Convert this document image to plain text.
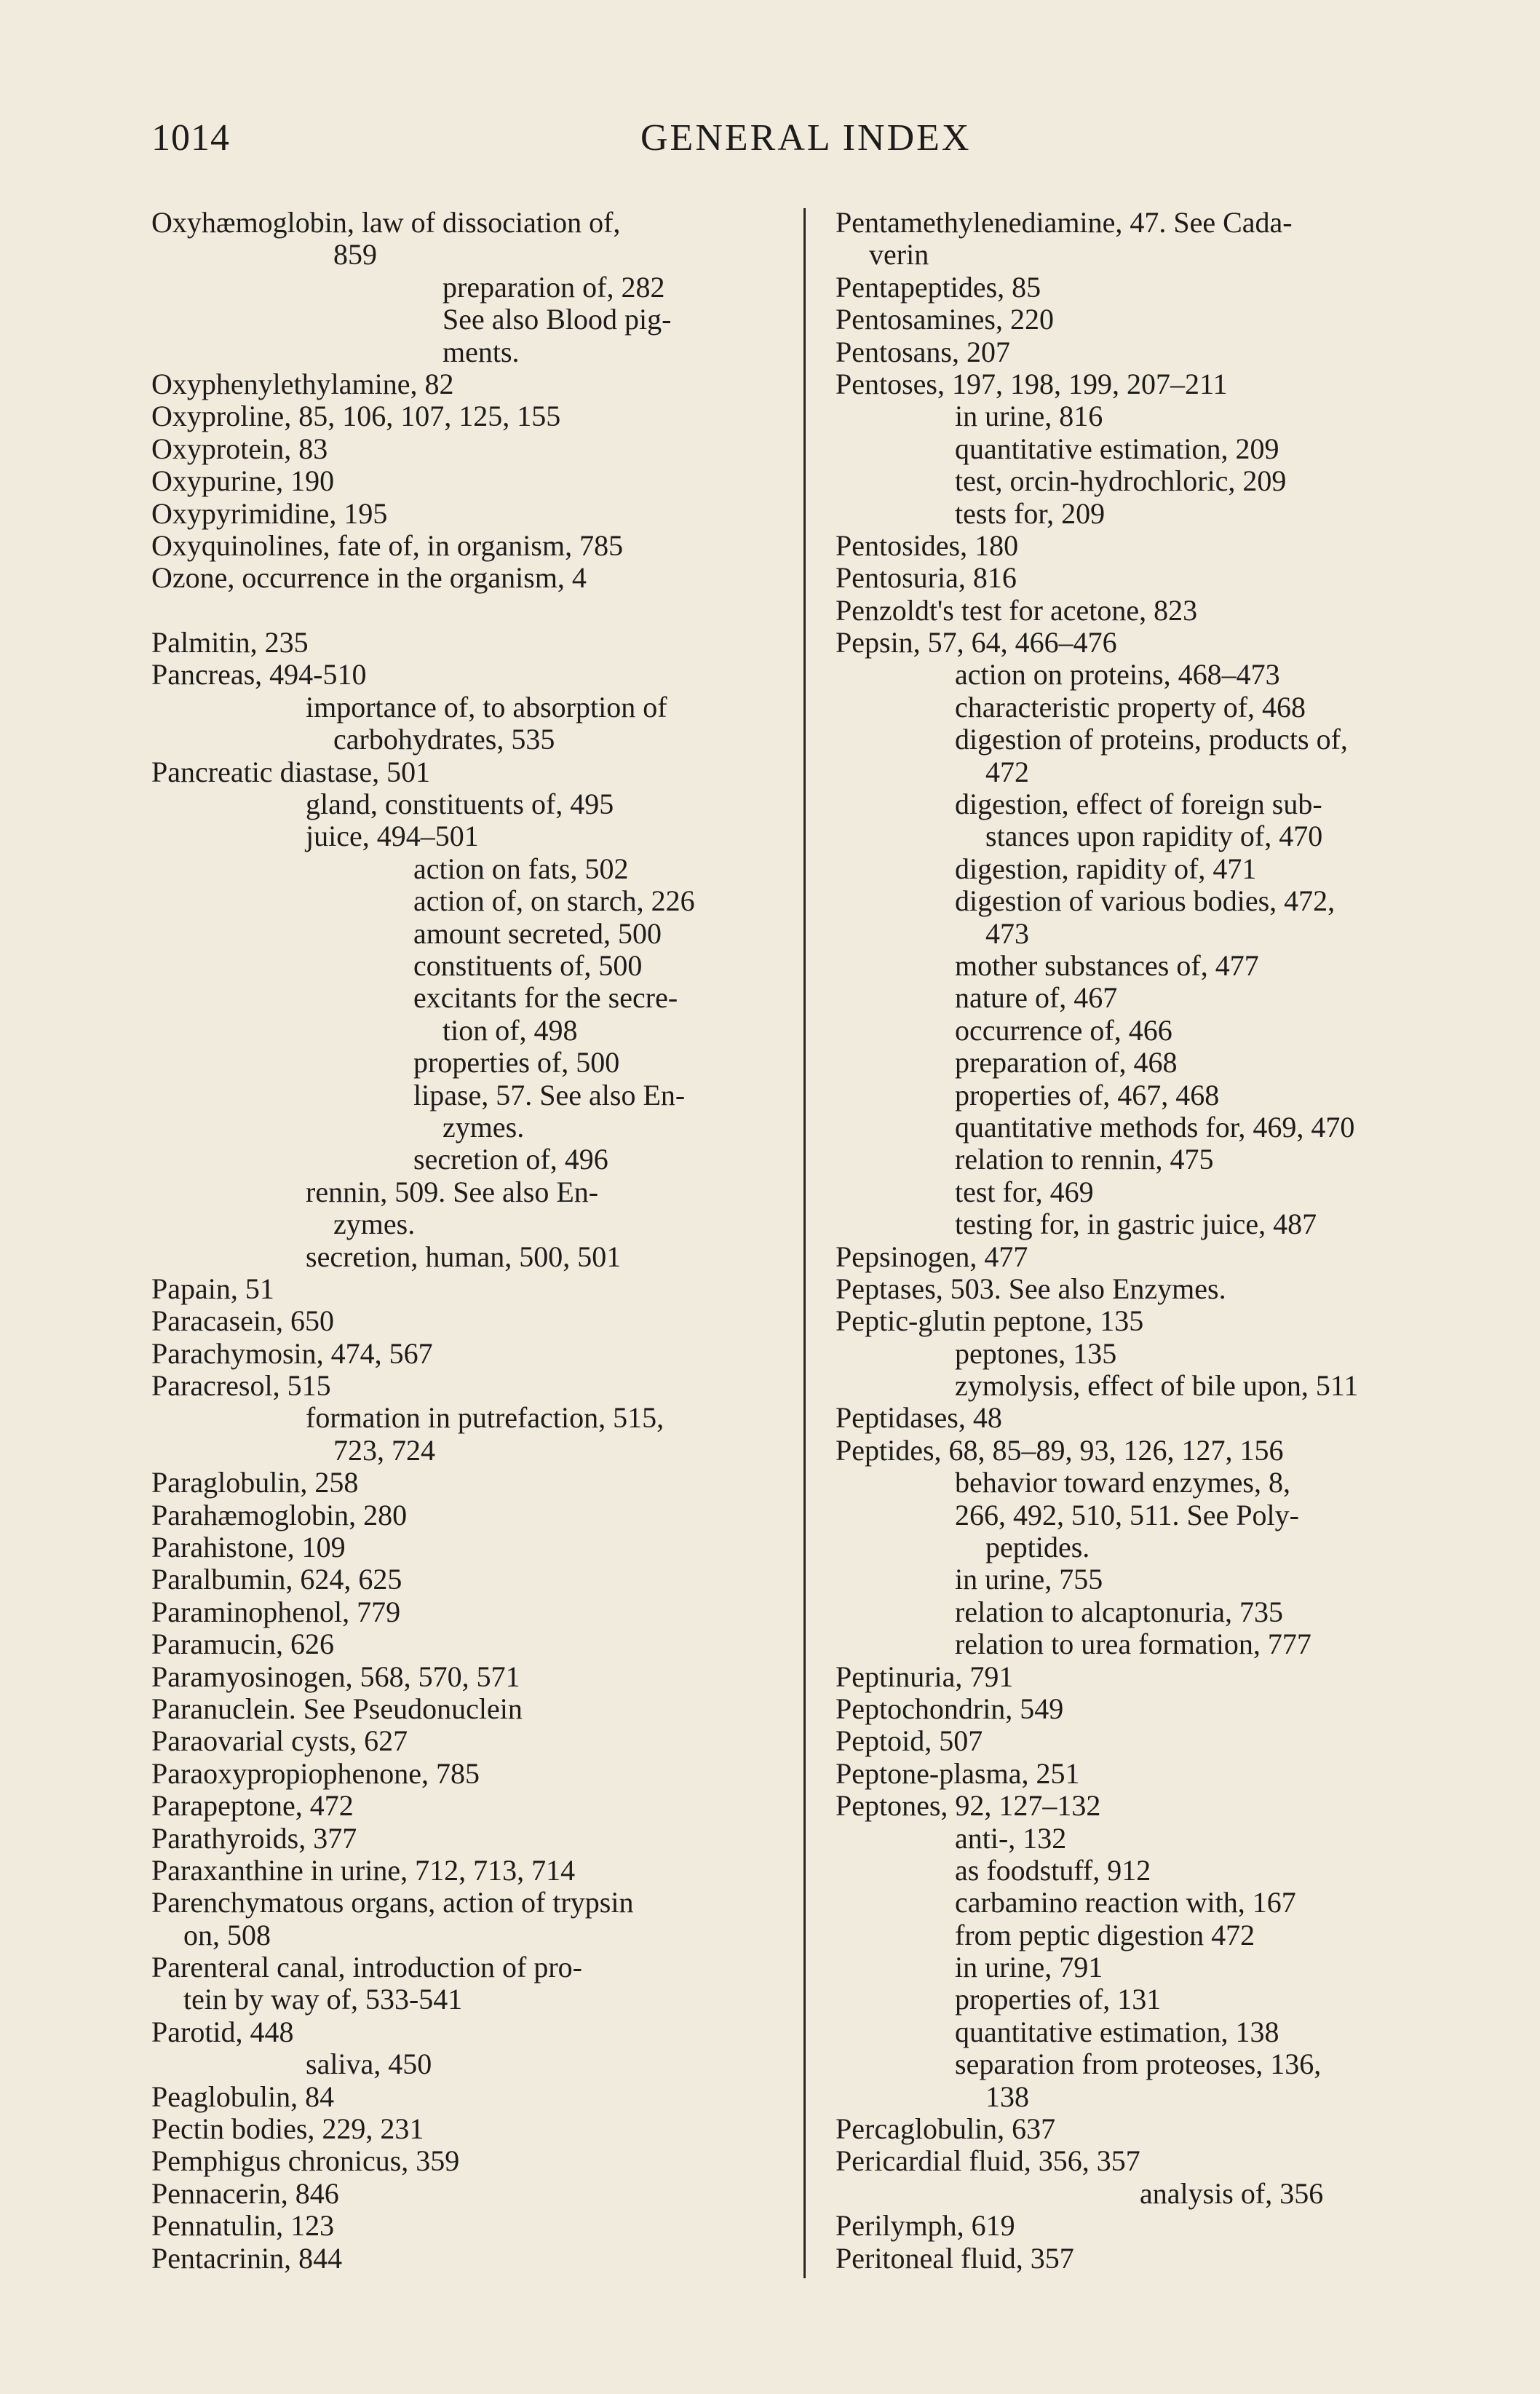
1014	GENERAL INDEX
Oxyhæmoglobin, law of dissociation of,
859
preparation of, 282
See also Blood pig-
ments.
Oxyphenylethylamine, 82
Oxyproline, 85, 106, 107, 125, 155
Oxyprotein, 83
Oxypurine, 190
Oxypyrimidine, 195
Oxyquinolines, fate of, in organism, 785
Ozone, occurrence in the organism, 4
Palmitin, 235
Pancreas, 494-510
importance of, to absorption of
carbohydrates, 535
Pancreatic diastase, 501
gland, constituents of, 495
juice, 494–501
action on fats, 502
action of, on starch, 226
amount secreted, 500
constituents of, 500
excitants for the secre-
tion of, 498
properties of, 500
lipase, 57. See also En-
zymes.
secretion of, 496
rennin, 509. See also En-
zymes.
secretion, human, 500, 501
Papain, 51
Paracasein, 650
Parachymosin, 474, 567
Paracresol, 515
formation in putrefaction, 515,
723, 724
Paraglobulin, 258
Parahæmoglobin, 280
Parahistone, 109
Paralbumin, 624, 625
Paraminophenol, 779
Paramucin, 626
Paramyosinogen, 568, 570, 571
Paranuclein. See Pseudonuclein
Paraovarial cysts, 627
Paraoxypropiophenone, 785
Parapeptone, 472
Parathyroids, 377
Paraxanthine in urine, 712, 713, 714
Parenchymatous organs, action of trypsin
on, 508
Parenteral canal, introduction of pro-
tein by way of, 533-541
Parotid, 448
saliva, 450
Peaglobulin, 84
Pectin bodies, 229, 231
Pemphigus chronicus, 359
Pennacerin, 846
Pennatulin, 123
Pentacrinin, 844
Pentamethylenediamine, 47. See Cada-
verin
Pentapeptides, 85
Pentosamines, 220
Pentosans, 207
Pentoses, 197, 198, 199, 207–211
in urine, 816
quantitative estimation, 209
test, orcin-hydrochloric, 209
tests for, 209
Pentosides, 180
Pentosuria, 816
Penzoldt's test for acetone, 823
Pepsin, 57, 64, 466–476
action on proteins, 468–473
characteristic property of, 468
digestion of proteins, products of,
472
digestion, effect of foreign sub-
stances upon rapidity of, 470
digestion, rapidity of, 471
digestion of various bodies, 472,
473
mother substances of, 477
nature of, 467
occurrence of, 466
preparation of, 468
properties of, 467, 468
quantitative methods for, 469, 470
relation to rennin, 475
test for, 469
testing for, in gastric juice, 487
Pepsinogen, 477
Peptases, 503. See also Enzymes.
Peptic-glutin peptone, 135
peptones, 135
zymolysis, effect of bile upon, 511
Peptidases, 48
Peptides, 68, 85–89, 93, 126, 127, 156
behavior toward enzymes, 8,
266, 492, 510, 511. See Poly-
peptides.
in urine, 755
relation to alcaptonuria, 735
relation to urea formation, 777
Peptinuria, 791
Peptochondrin, 549
Peptoid, 507
Peptone-plasma, 251
Peptones, 92, 127–132
anti-, 132
as foodstuff, 912
carbamino reaction with, 167
from peptic digestion 472
in urine, 791
properties of, 131
quantitative estimation, 138
separation from proteoses, 136,
138
Percaglobulin, 637
Pericardial fluid, 356, 357
analysis of, 356
Perilymph, 619
Peritoneal fluid, 357
